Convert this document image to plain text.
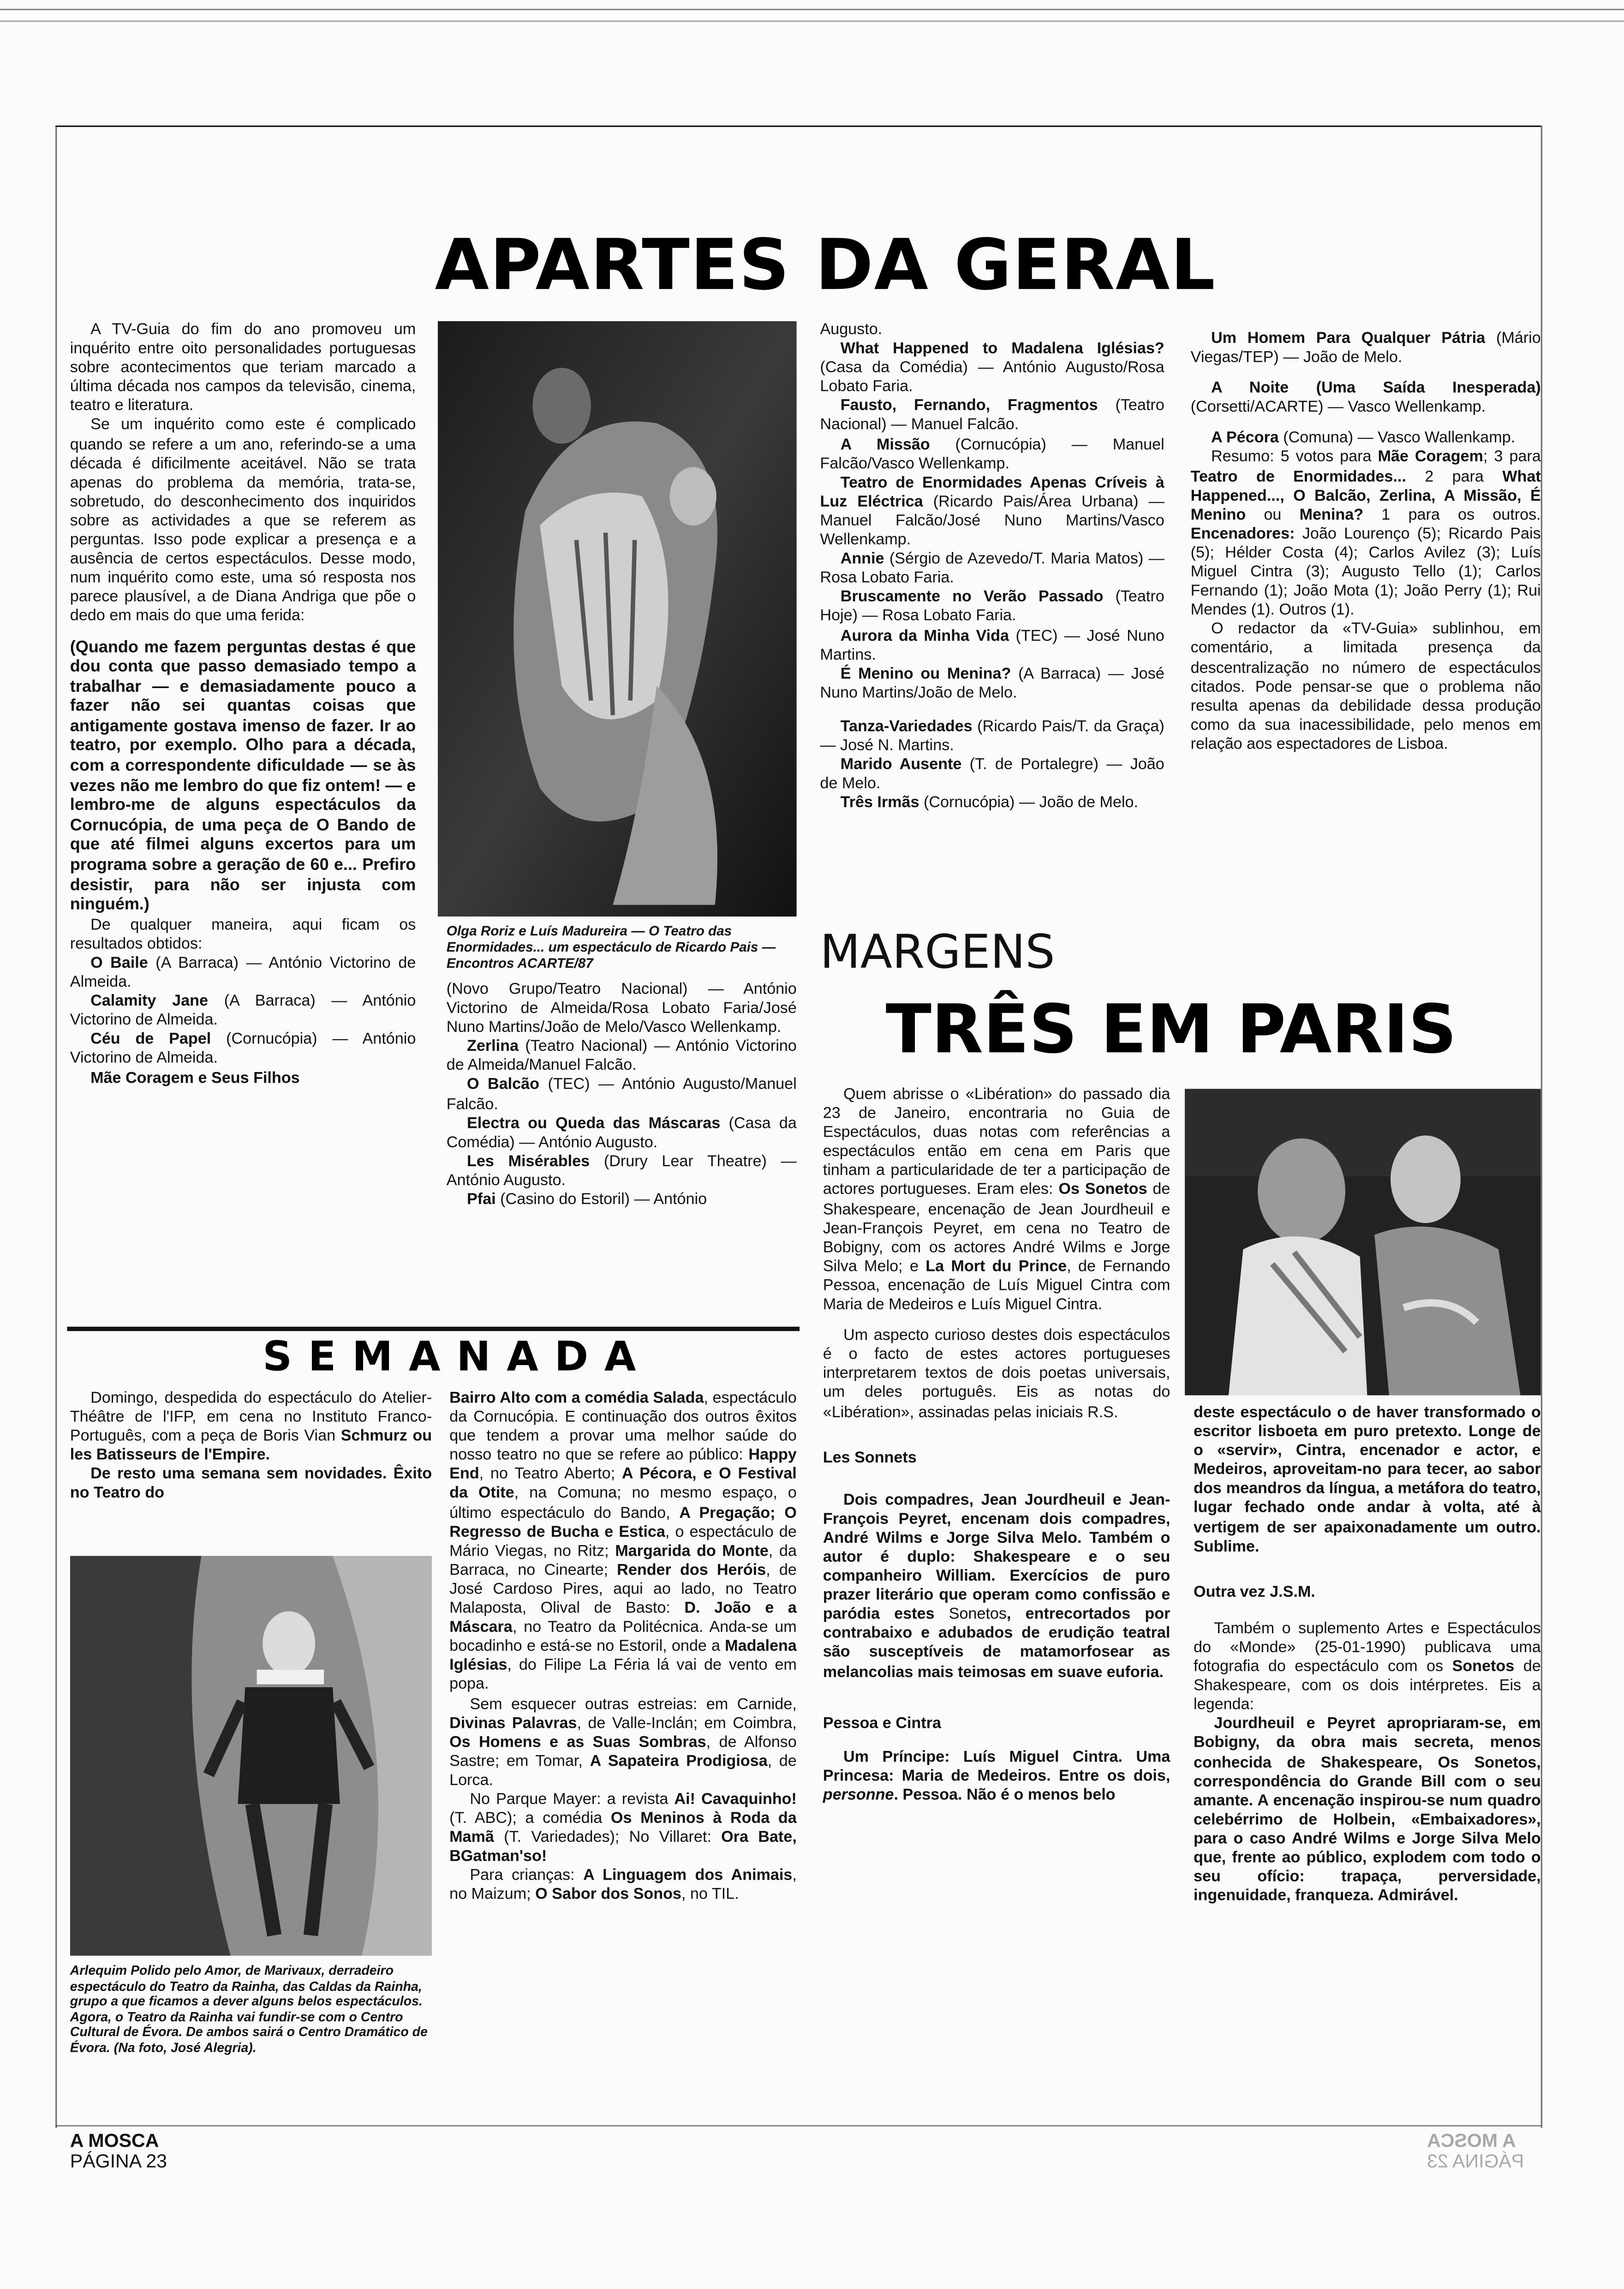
APARTES DA GERAL

A TV-Guia do fim do ano promoveu um inquérito entre oito personalidades portuguesas sobre acontecimentos que teriam marcado a última década nos campos da televisão, cinema, teatro e literatura.

Se um inquérito como este é complicado quando se refere a um ano, referindo-se a uma década é dificilmente aceitável. Não se trata apenas do problema da memória, trata-se, sobretudo, do desconhecimento dos inquiridos sobre as actividades a que se referem as perguntas. Isso pode explicar a presença e a ausência de certos espectáculos. Desse modo, num inquérito como este, uma só resposta nos parece plausível, a de Diana Andriga que põe o dedo em mais do que uma ferida:

(Quando me fazem perguntas destas é que dou conta que passo demasiado tempo a trabalhar — e demasiadamente pouco a fazer não sei quantas coisas que antigamente gostava imenso de fazer. Ir ao teatro, por exemplo. Olho para a década, com a correspondente dificuldade — se às vezes não me lembro do que fiz ontem! — e lembro-me de alguns espectáculos da Cornucópia, de uma peça de O Bando de que até filmei alguns excertos para um programa sobre a geração de 60 e... Prefiro desistir, para não ser injusta com ninguém.)

De qualquer maneira, aqui ficam os resultados obtidos:

O Baile (A Barraca) — António Victorino de Almeida.

Calamity Jane (A Barraca) — António Victorino de Almeida.

Céu de Papel (Cornucópia) — António Victorino de Almeida.

Mãe Coragem e Seus Filhos

Olga Roriz e Luís Madureira — O Teatro das Enormidades... um espectáculo de Ricardo Pais — Encontros ACARTE/87

(Novo Grupo/Teatro Nacional) — António Victorino de Almeida/Rosa Lobato Faria/José Nuno Martins/João de Melo/Vasco Wellenkamp.

Zerlina (Teatro Nacional) — António Victorino de Almeida/Manuel Falcão.

O Balcão (TEC) — António Augusto/Manuel Falcão.

Electra ou Queda das Máscaras (Casa da Comédia) — António Augusto.

Les Misérables (Drury Lear Theatre) — António Augusto.

Pfai (Casino do Estoril) — António

Augusto.

What Happened to Madalena Iglésias? (Casa da Comédia) — António Augusto/Rosa Lobato Faria.

Fausto, Fernando, Fragmentos (Teatro Nacional) — Manuel Falcão.

A Missão (Cornucópia) — Manuel Falcão/Vasco Wellenkamp.

Teatro de Enormidades Apenas Críveis à Luz Eléctrica (Ricardo Pais/Área Urbana) — Manuel Falcão/José Nuno Martins/Vasco Wellenkamp.

Annie (Sérgio de Azevedo/T. Maria Matos) — Rosa Lobato Faria.

Bruscamente no Verão Passado (Teatro Hoje) — Rosa Lobato Faria.

Aurora da Minha Vida (TEC) — José Nuno Martins.

É Menino ou Menina? (A Barraca) — José Nuno Martins/João de Melo.

Tanza-Variedades (Ricardo Pais/T. da Graça) — José N. Martins.

Marido Ausente (T. de Portalegre) — João de Melo.

Três Irmãs (Cornucópia) — João de Melo.

Um Homem Para Qualquer Pátria (Mário Viegas/TEP) — João de Melo.

A Noite (Uma Saída Inesperada) (Corsetti/ACARTE) — Vasco Wellenkamp.

A Pécora (Comuna) — Vasco Wallenkamp.

Resumo: 5 votos para Mãe Coragem; 3 para Teatro de Enormidades... 2 para What Happened..., O Balcão, Zerlina, A Missão, É Menino ou Menina? 1 para os outros. Encenadores: João Lourenço (5); Ricardo Pais (5); Hélder Costa (4); Carlos Avilez (3); Luís Miguel Cintra (3); Augusto Tello (1); Carlos Fernando (1); João Mota (1); João Perry (1); Rui Mendes (1). Outros (1).

O redactor da «TV-Guia» sublinhou, em comentário, a limitada presença da descentralização no número de espectáculos citados. Pode pensar-se que o problema não resulta apenas da debilidade dessa produção como da sua inacessibilidade, pelo menos em relação aos espectadores de Lisboa.

MARGENS
TRÊS EM PARIS

Quem abrisse o «Libération» do passado dia 23 de Janeiro, encontraria no Guia de Espectáculos, duas notas com referências a espectáculos então em cena em Paris que tinham a particularidade de ter a participação de actores portugueses. Eram eles: Os Sonetos de Shakespeare, encenação de Jean Jourdheuil e Jean-François Peyret, em cena no Teatro de Bobigny, com os actores André Wilms e Jorge Silva Melo; e La Mort du Prince, de Fernando Pessoa, encenação de Luís Miguel Cintra com Maria de Medeiros e Luís Miguel Cintra.

Um aspecto curioso destes dois espectáculos é o facto de estes actores portugueses interpretarem textos de dois poetas universais, um deles português. Eis as notas do «Libération», assinadas pelas iniciais R.S.

Les Sonnets

Dois compadres, Jean Jourdheuil e Jean-François Peyret, encenam dois compadres, André Wilms e Jorge Silva Melo. Também o autor é duplo: Shakespeare e o seu companheiro William. Exercícios de puro prazer literário que operam como confissão e paródia estes Sonetos, entrecortados por contrabaixo e adubados de erudição teatral são susceptíveis de matamorfosear as melancolias mais teimosas em suave euforia.

Pessoa e Cintra

Um Príncipe: Luís Miguel Cintra. Uma Princesa: Maria de Medeiros. Entre os dois, personne. Pessoa. Não é o menos belo

deste espectáculo o de haver transformado o escritor lisboeta em puro pretexto. Longe de o «servir», Cintra, encenador e actor, e Medeiros, aproveitam-no para tecer, ao sabor dos meandros da língua, a metáfora do teatro, lugar fechado onde andar à volta, até à vertigem de ser apaixonadamente um outro. Sublime.

Outra vez J.S.M.

Também o suplemento Artes e Espectáculos do «Monde» (25-01-1990) publicava uma fotografia do espectáculo com os Sonetos de Shakespeare, com os dois intérpretes. Eis a legenda:

Jourdheuil e Peyret apropriaram-se, em Bobigny, da obra mais secreta, menos conhecida de Shakespeare, Os Sonetos, correspondência do Grande Bill com o seu amante. A encenação inspirou-se num quadro celebérrimo de Holbein, «Embaixadores», para o caso André Wilms e Jorge Silva Melo que, frente ao público, explodem com todo o seu ofício: trapaça, perversidade, ingenuidade, franqueza. Admirável.

SEMANADA

Domingo, despedida do espectáculo do Atelier-Théâtre de l'IFP, em cena no Instituto Franco-Português, com a peça de Boris Vian Schmurz ou les Batisseurs de l'Empire.

De resto uma semana sem novidades. Êxito no Teatro do

Arlequim Polido pelo Amor, de Marivaux, derradeiro espectáculo do Teatro da Rainha, das Caldas da Rainha, grupo a que ficamos a dever alguns belos espectáculos. Agora, o Teatro da Rainha vai fundir-se com o Centro Cultural de Évora. De ambos sairá o Centro Dramático de Évora. (Na foto, José Alegria).

Bairro Alto com a comédia Salada, espectáculo da Cornucópia. E continuação dos outros êxitos que tendem a provar uma melhor saúde do nosso teatro no que se refere ao público: Happy End, no Teatro Aberto; A Pécora, e O Festival da Otite, na Comuna; no mesmo espaço, o último espectáculo do Bando, A Pregação; O Regresso de Bucha e Estica, o espectáculo de Mário Viegas, no Ritz; Margarida do Monte, da Barraca, no Cinearte; Render dos Heróis, de José Cardoso Pires, aqui ao lado, no Teatro Malaposta, Olival de Basto: D. João e a Máscara, no Teatro da Politécnica. Anda-se um bocadinho e está-se no Estoril, onde a Madalena Iglésias, do Filipe La Féria lá vai de vento em popa.

Sem esquecer outras estreias: em Carnide, Divinas Palavras, de Valle-Inclán; em Coimbra, Os Homens e as Suas Sombras, de Alfonso Sastre; em Tomar, A Sapateira Prodigiosa, de Lorca.

No Parque Mayer: a revista Ai! Cavaquinho! (T. ABC); a comédia Os Meninos à Roda da Mamã (T. Variedades); No Villaret: Ora Bate, BGatman'so!

Para crianças: A Linguagem dos Animais, no Maizum; O Sabor dos Sonos, no TIL.

A MOSCA
PÁGINA 23
A MOSCA
PÁGINA 23
